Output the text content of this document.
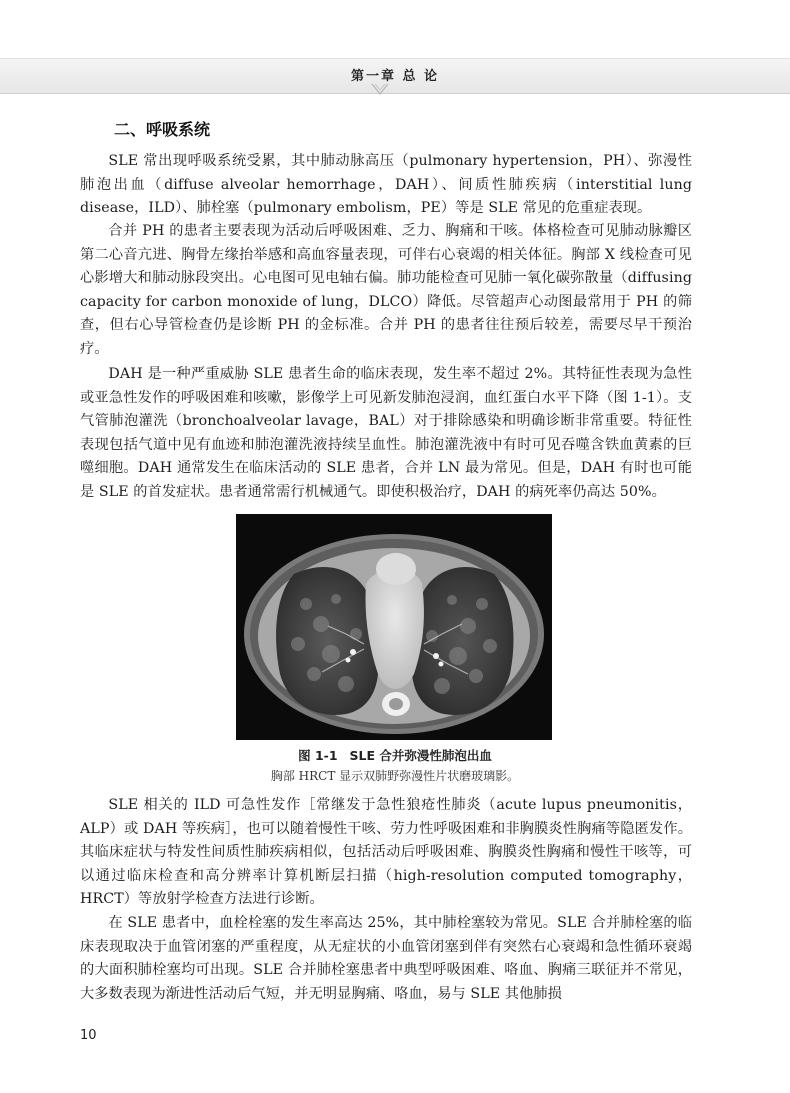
第一章 总 论
二、呼吸系统

SLE 常出现呼吸系统受累，其中肺动脉高压（pulmonary hypertension，PH）、弥漫性肺泡出血（diffuse alveolar hemorrhage，DAH）、间质性肺疾病（interstitial lung disease，ILD）、肺栓塞（pulmonary embolism，PE）等是 SLE 常见的危重症表现。

合并 PH 的患者主要表现为活动后呼吸困难、乏力、胸痛和干咳。体格检查可见肺动脉瓣区第二心音亢进、胸骨左缘抬举感和高血容量表现，可伴右心衰竭的相关体征。胸部 X 线检查可见心影增大和肺动脉段突出。心电图可见电轴右偏。肺功能检查可见肺一氧化碳弥散量（diffusing capacity for carbon monoxide of lung，DLCO）降低。尽管超声心动图最常用于 PH 的筛查，但右心导管检查仍是诊断 PH 的金标准。合并 PH 的患者往往预后较差，需要尽早干预治疗。

DAH 是一种严重威胁 SLE 患者生命的临床表现，发生率不超过 2%。其特征性表现为急性或亚急性发作的呼吸困难和咳嗽，影像学上可见新发肺泡浸润，血红蛋白水平下降（图 1-1）。支气管肺泡灌洗（bronchoalveolar lavage，BAL）对于排除感染和明确诊断非常重要。特征性表现包括气道中见有血迹和肺泡灌洗液持续呈血性。肺泡灌洗液中有时可见吞噬含铁血黄素的巨噬细胞。DAH 通常发生在临床活动的 SLE 患者，合并 LN 最为常见。但是，DAH 有时也可能是 SLE 的首发症状。患者通常需行机械通气。即使积极治疗，DAH 的病死率仍高达 50%。

图 1-1 SLE 合并弥漫性肺泡出血
胸部 HRCT 显示双肺野弥漫性片状磨玻璃影。

SLE 相关的 ILD 可急性发作［常继发于急性狼疮性肺炎（acute lupus pneumonitis，ALP）或 DAH 等疾病］，也可以随着慢性干咳、劳力性呼吸困难和非胸膜炎性胸痛等隐匿发作。其临床症状与特发性间质性肺疾病相似，包括活动后呼吸困难、胸膜炎性胸痛和慢性干咳等，可以通过临床检查和高分辨率计算机断层扫描（high-resolution computed tomography，HRCT）等放射学检查方法进行诊断。

在 SLE 患者中，血栓栓塞的发生率高达 25%，其中肺栓塞较为常见。SLE 合并肺栓塞的临床表现取决于血管闭塞的严重程度，从无症状的小血管闭塞到伴有突然右心衰竭和急性循环衰竭的大面积肺栓塞均可出现。SLE 合并肺栓塞患者中典型呼吸困难、咯血、胸痛三联征并不常见，大多数表现为渐进性活动后气短，并无明显胸痛、咯血，易与 SLE 其他肺损

10
